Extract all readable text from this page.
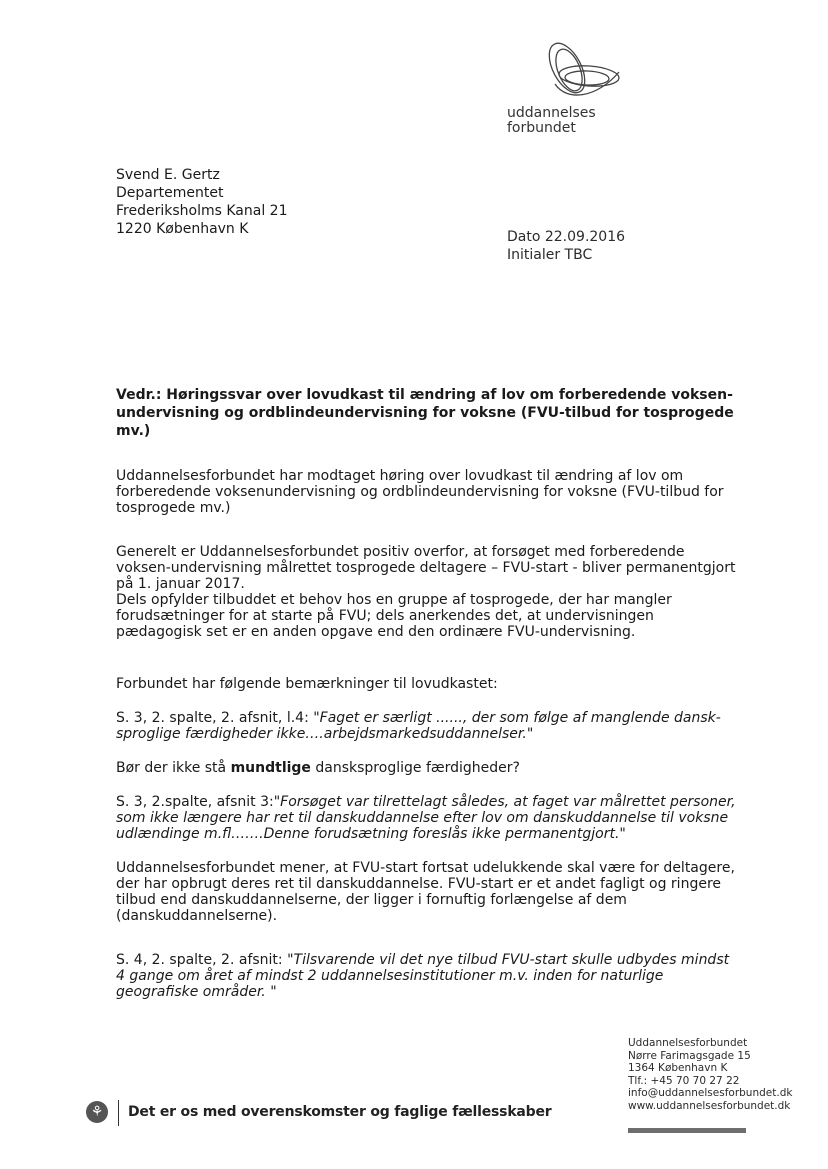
uddannelses
forbundet
Svend E. Gertz
Departementet
Frederiksholms Kanal 21
1220 København K	Dato 22.09.2016
Initialer TBC
Vedr.: Høringssvar over lovudkast til ændring af lov om forberedende voksen-undervisning og ordblindeundervisning for voksne (FVU-tilbud for tosprogede mv.)

Uddannelsesforbundet har modtaget høring over lovudkast til ændring af lov om forberedende voksenundervisning og ordblindeundervisning for voksne (FVU-tilbud for tosprogede mv.)

Generelt er Uddannelsesforbundet positiv overfor, at forsøget med forberedende voksen-undervisning målrettet tosprogede deltagere – FVU-start - bliver permanentgjort på 1. januar 2017.

Dels opfylder tilbuddet et behov hos en gruppe af tosprogede, der har mangler forudsætninger for at starte på FVU; dels anerkendes det, at undervisningen pædagogisk set er en anden opgave end den ordinære FVU-undervisning.

Forbundet har følgende bemærkninger til lovudkastet:

S. 3, 2. spalte, 2. afsnit, l.4: "Faget er særligt ......, der som følge af manglende dansk-sproglige færdigheder ikke….arbejdsmarkedsuddannelser."

Bør der ikke stå mundtlige dansksproglige færdigheder?

S. 3, 2.spalte, afsnit 3:"Forsøget var tilrettelagt således, at faget var målrettet personer, som ikke længere har ret til danskuddannelse efter lov om danskuddannelse til voksne udlændinge m.fl…….Denne forudsætning foreslås ikke permanentgjort."

Uddannelsesforbundet mener, at FVU-start fortsat udelukkende skal være for deltagere, der har opbrugt deres ret til danskuddannelse. FVU-start er et andet fagligt og ringere tilbud end danskuddannelserne, der ligger i fornuftig forlængelse af dem (danskuddannelserne).

S. 4, 2. spalte, 2. afsnit: "Tilsvarende vil det nye tilbud FVU-start skulle udbydes mindst 4 gange om året af mindst 2 uddannelsesinstitutioner m.v. inden for naturlige geografiske områder. "

Uddannelsesforbundet
Nørre Farimagsgade 15
1364 København K
Tlf.: +45 70 70 27 22
info@uddannelsesforbundet.dk
www.uddannelsesforbundet.dk
⚘	Det er os med overenskomster og faglige fællesskaber
